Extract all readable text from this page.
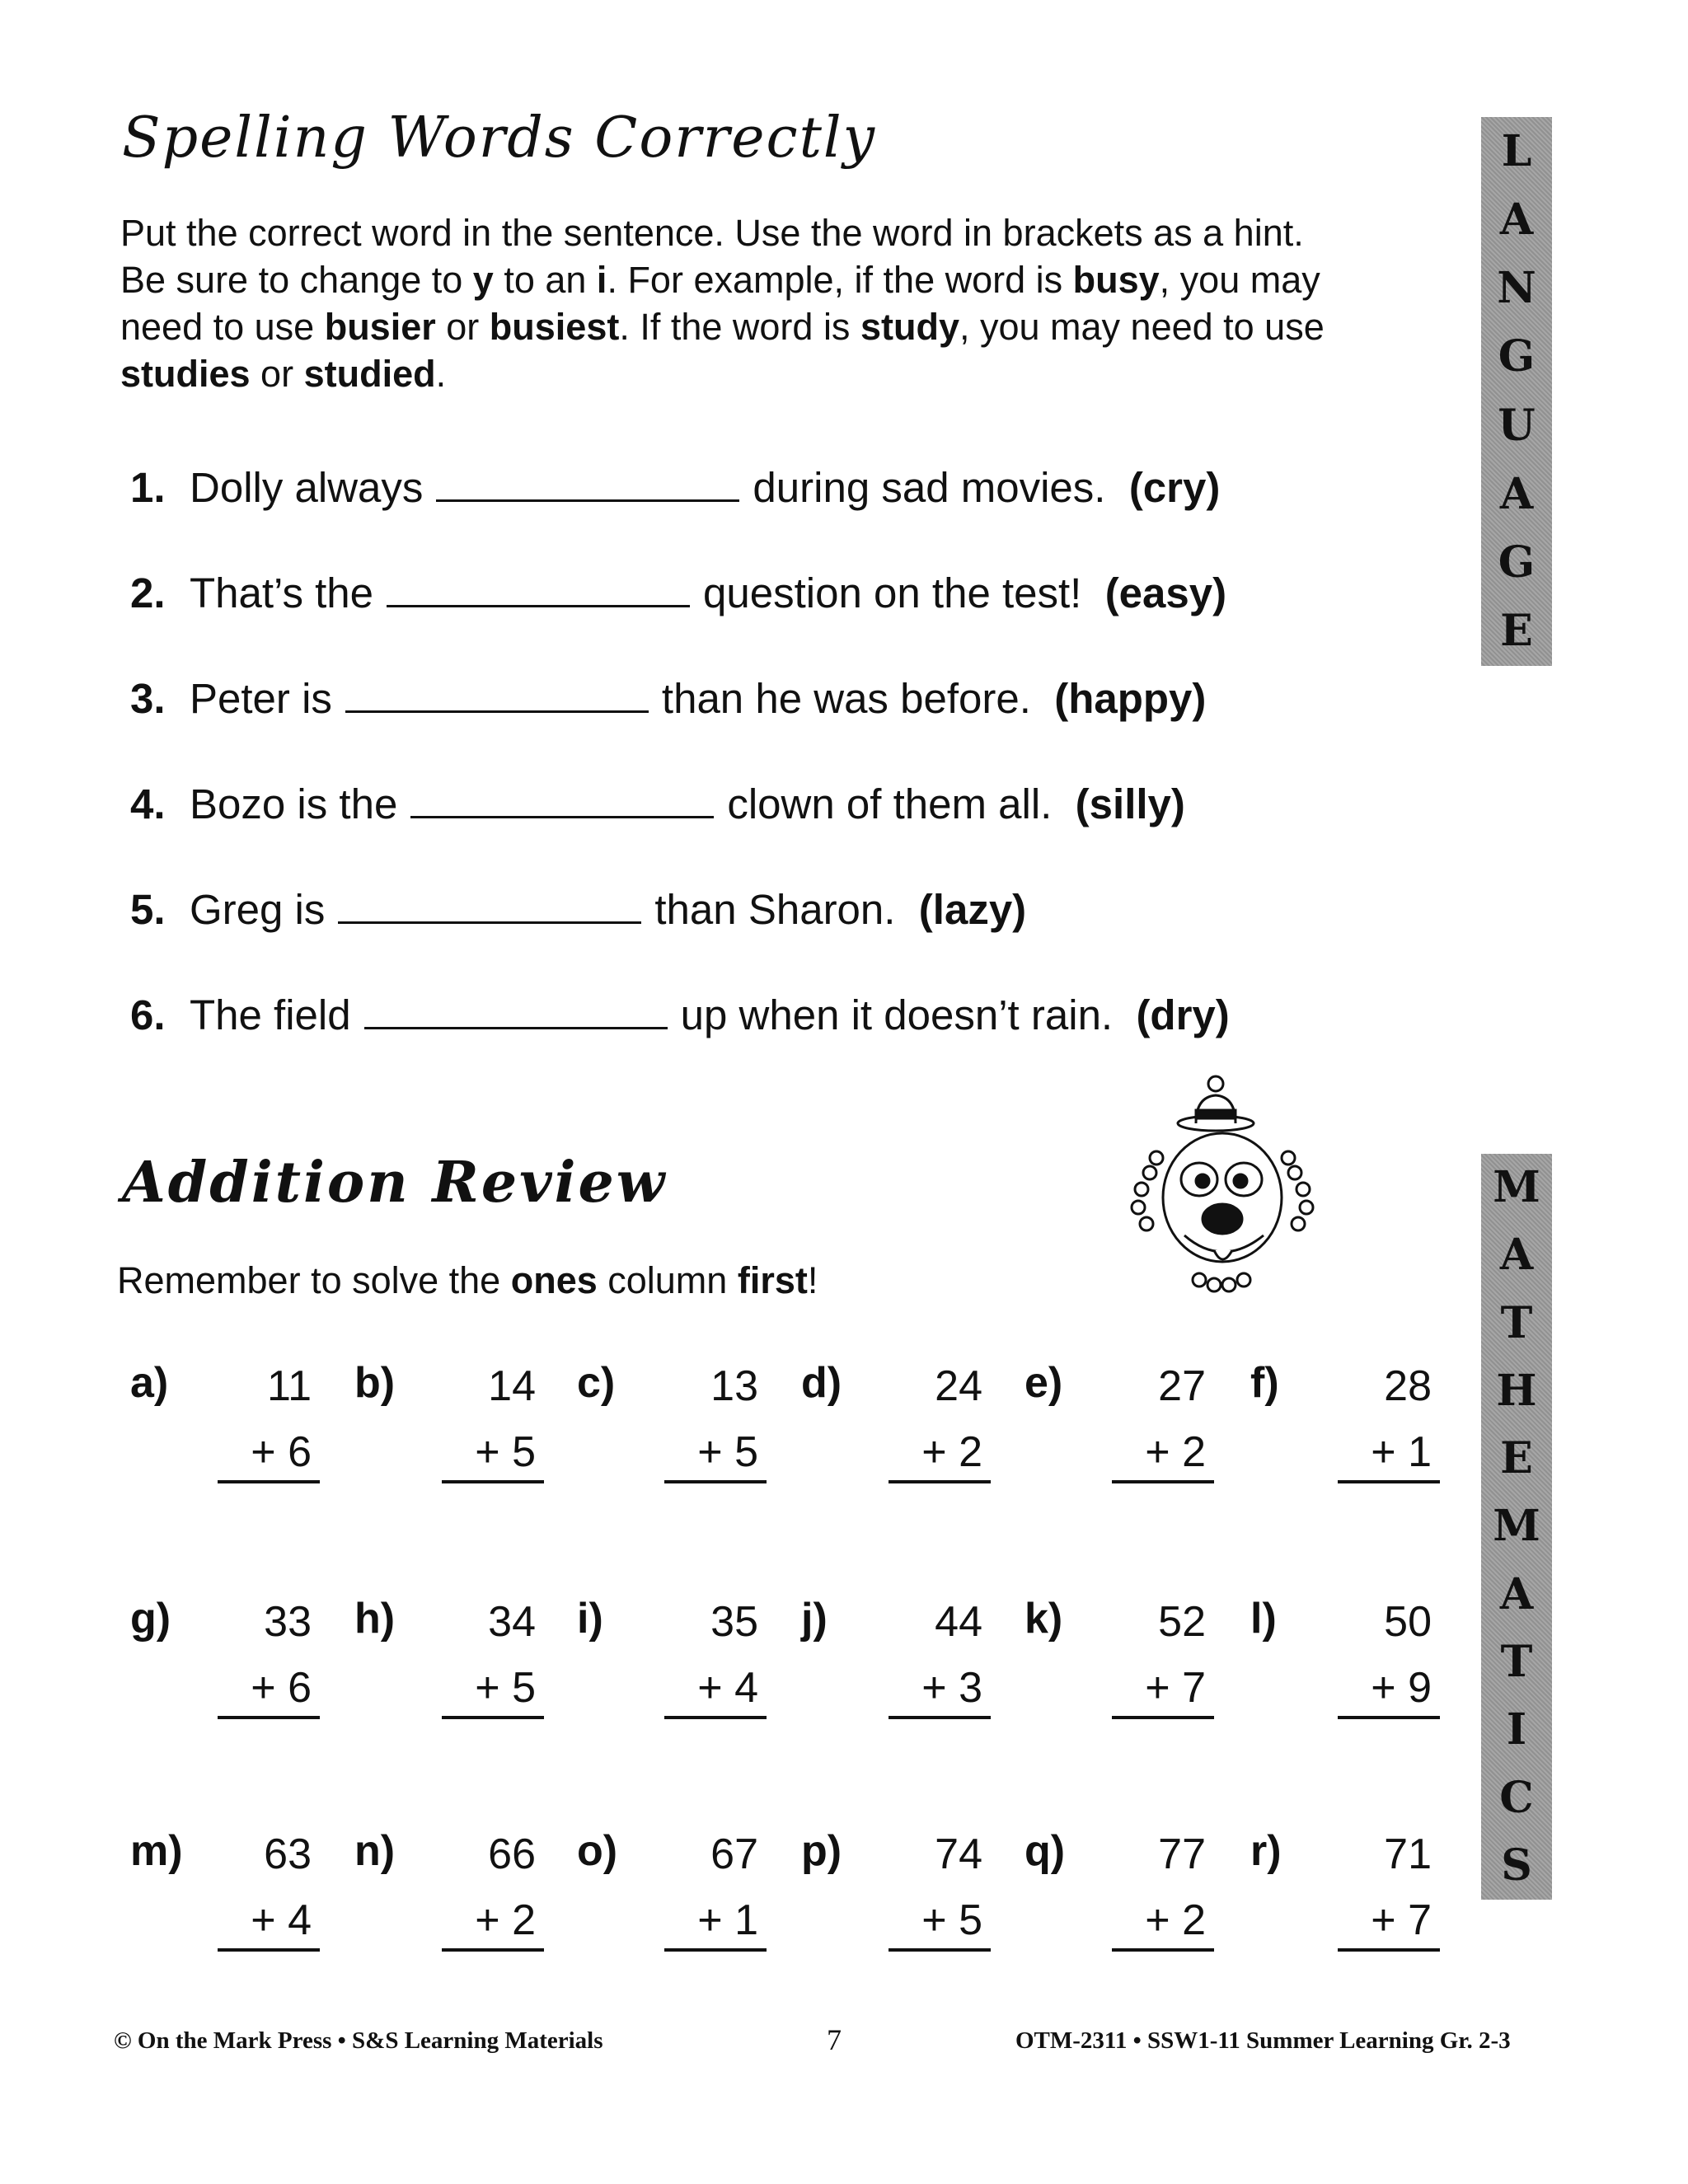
Spelling Words Correctly
Put the correct word in the sentence. Use the word in brackets as a hint.
Be sure to change to y to an i. For example, if the word is busy, you may
need to use busier or busiest. If the word is study, you may need to use
studies or studied.
1. Dolly always	during sad movies. (cry)
2. That’s the	question on the test! (easy)
3. Peter is	than he was before. (happy)
4. Bozo is the	clown of them all. (silly)
5. Greg is	than Sharon. (lazy)
6. The field	up when it doesn’t rain. (dry)
Addition Review
Remember to solve the ones column first!
a)	11
+ 6
b)	14
+ 5
c)	13
+ 5
d)	24
+ 2
e)	27
+ 2
f)	28
+ 1
g)	33
+ 6
h)	34
+ 5
i)	35
+ 4
j)	44
+ 3
k)	52
+ 7
l)	50
+ 9
m)	63
+ 4
n)	66
+ 2
o)	67
+ 1
p)	74
+ 5
q)	77
+ 2
r)	71
+ 7
L
A
N
G
U
A
G
E
M
A
T
H
E
M
A
T
I
C
S
© On the Mark Press • S&S Learning Materials	7	OTM-2311 • SSW1-11 Summer Learning Gr. 2-3
